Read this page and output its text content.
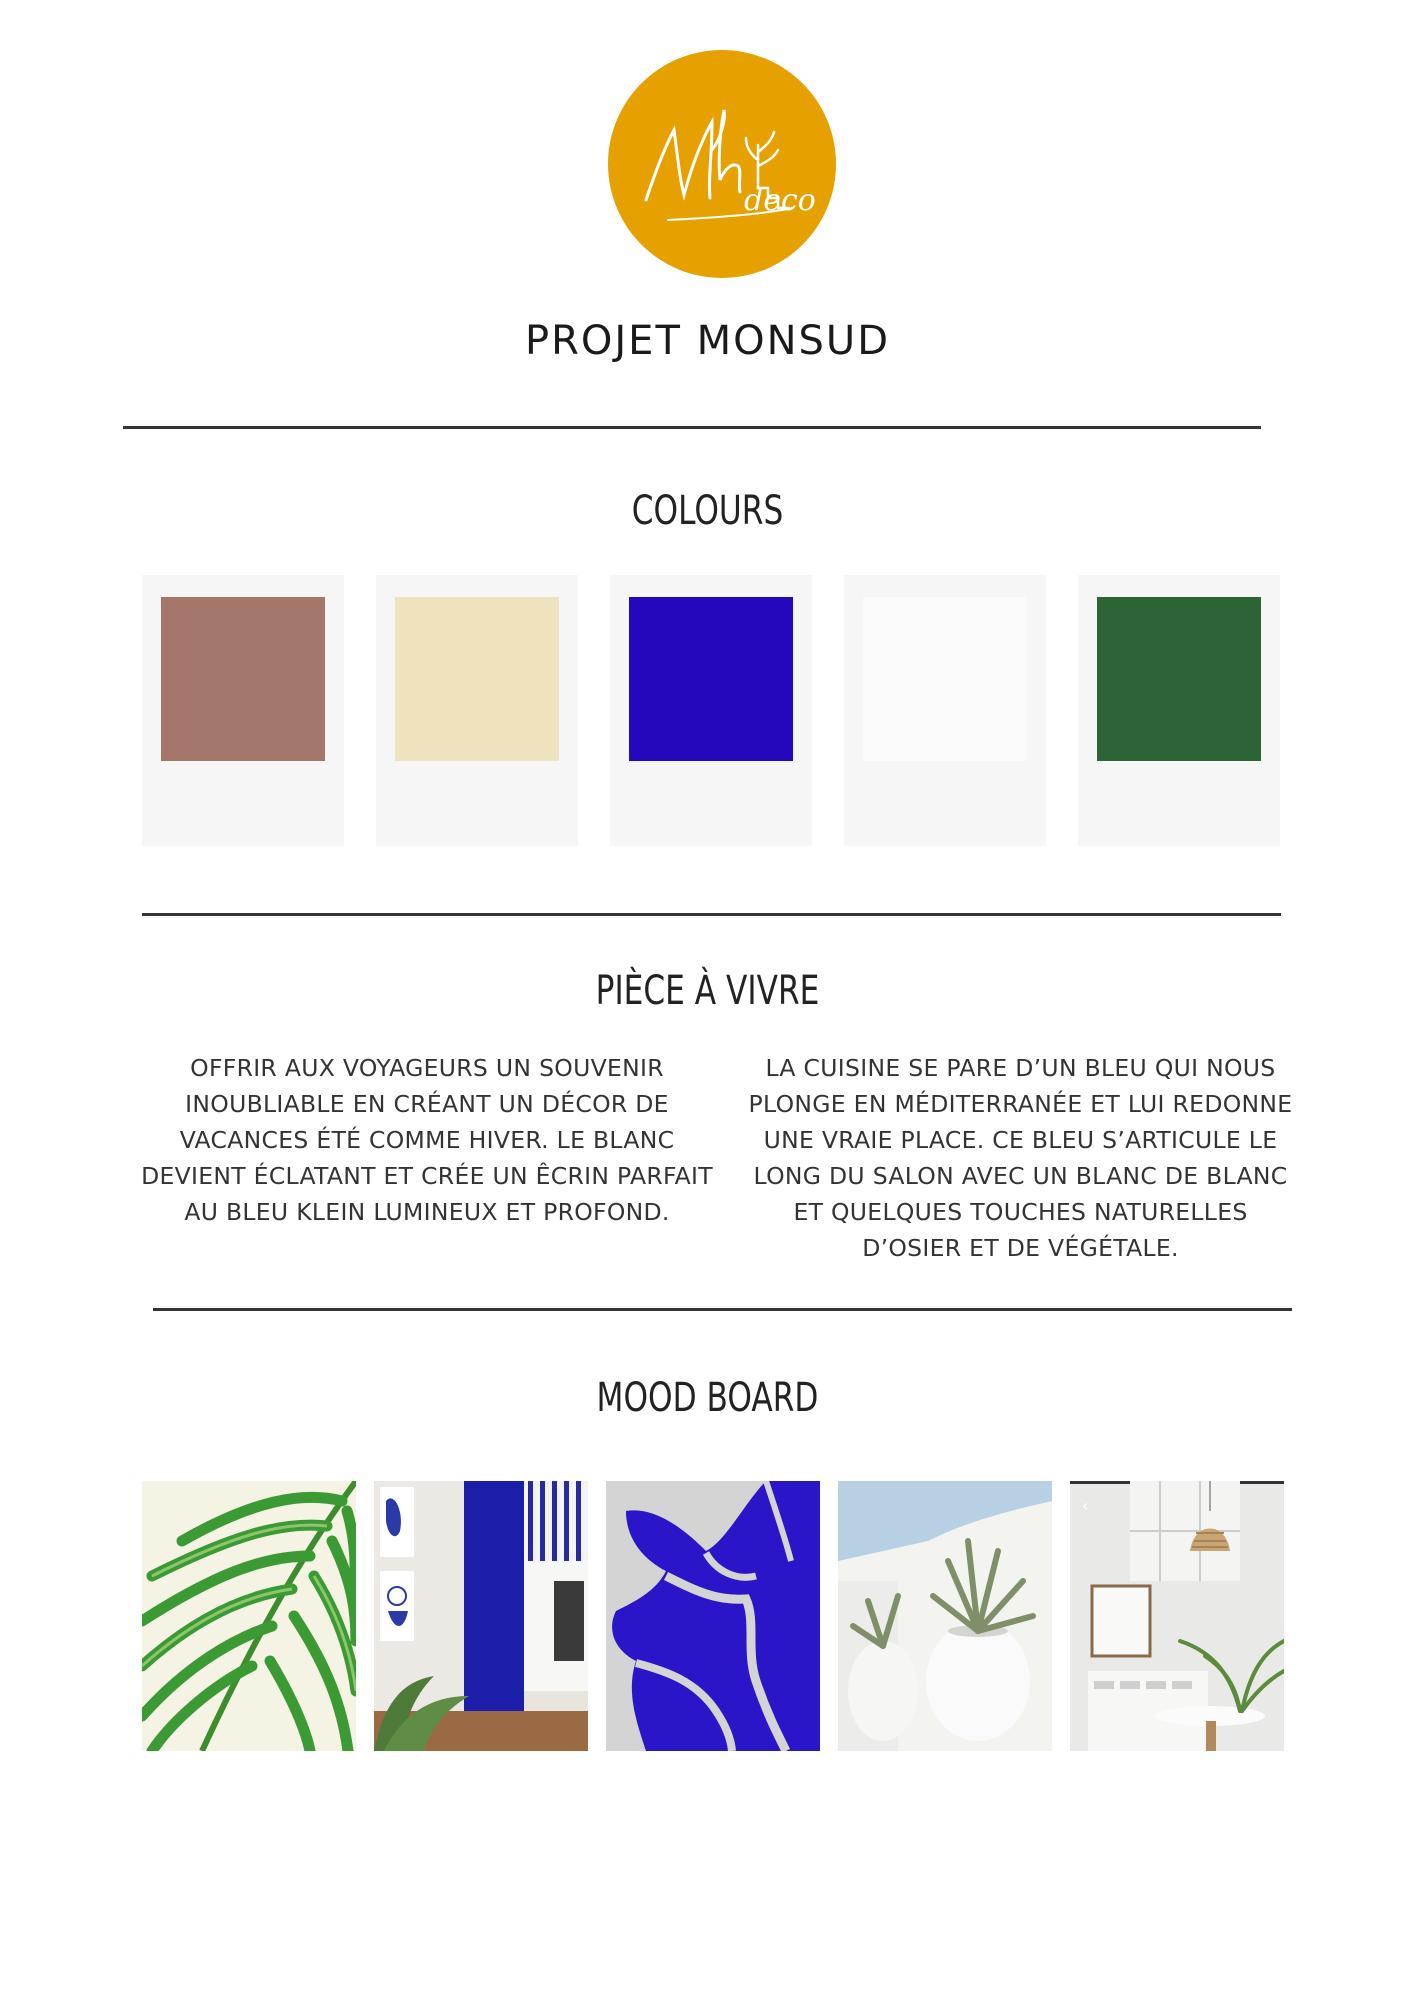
deco
PROJET MONSUD
COLOURS
PIÈCE À VIVRE
OFFRIR AUX VOYAGEURS UN SOUVENIR INOUBLIABLE EN CRÉANT UN DÉCOR DE VACANCES ÉTÉ COMME HIVER. LE BLANC DEVIENT ÉCLATANT ET CRÉE UN ÊCRIN PARFAIT AU BLEU KLEIN LUMINEUX ET PROFOND.
LA CUISINE SE PARE D’UN BLEU QUI NOUS PLONGE EN MÉDITERRANÉE ET LUI REDONNE UNE VRAIE PLACE. CE BLEU S’ARTICULE LE LONG DU SALON AVEC UN BLANC DE BLANC ET QUELQUES TOUCHES NATURELLES D’OSIER ET DE VÉGÉTALE.
MOOD BOARD
‹
